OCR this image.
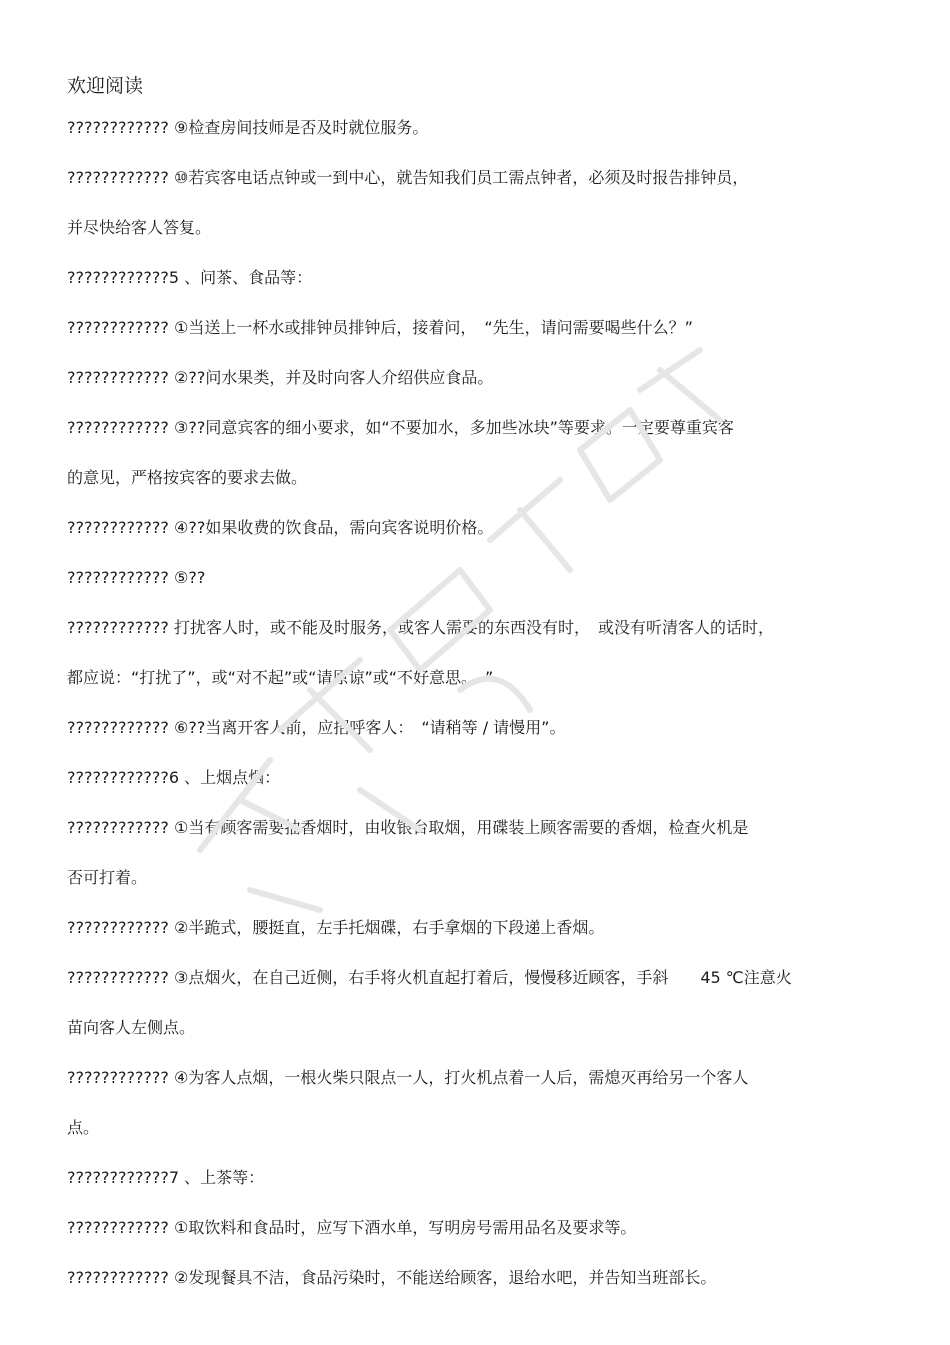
欢迎阅读
???????????? ⑨检查房间技师是否及时就位服务。
???????????? ⑩若宾客电话点钟或一到中心，就告知我们员工需点钟者，必须及时报告排钟员，
并尽快给客人答复。
????????????5 、问茶、食品等：
???????????? ①当送上一杯水或排钟员排钟后，接着问，　“先生，请问需要喝些什么？”
???????????? ②??问水果类，并及时向客人介绍供应食品。
???????????? ③??同意宾客的细小要求，如“不要加水，多加些冰块”等要求。一定要尊重宾客
的意见，严格按宾客的要求去做。
???????????? ④??如果收费的饮食品，需向宾客说明价格。
???????????? ⑤??
???????????? 打扰客人时，或不能及时服务，或客人需要的东西没有时，　或没有听清客人的话时，
都应说：“打扰了”，或“对不起”或“请原谅”或“不好意思。　”
???????????? ⑥??当离开客人前，应招呼客人：　“请稍等 / 请慢用”。
????????????6 、上烟点烟：
???????????? ①当有顾客需要抽香烟时，由收银台取烟，用碟装上顾客需要的香烟，检查火机是
否可打着。
???????????? ②半跪式，腰挺直，左手托烟碟，右手拿烟的下段递上香烟。
???????????? ③点烟火，在自己近侧，右手将火机直起打着后，慢慢移近顾客，手斜　　45 ℃注意火
苗向客人左侧点。
???????????? ④为客人点烟，一根火柴只限点一人，打火机点着一人后，需熄灭再给另一个客人
点。
????????????7 、上茶等：
???????????? ①取饮料和食品时，应写下酒水单，写明房号需用品名及要求等。
???????????? ②发现餐具不洁，食品污染时，不能送给顾客，退给水吧，并告知当班部长。
